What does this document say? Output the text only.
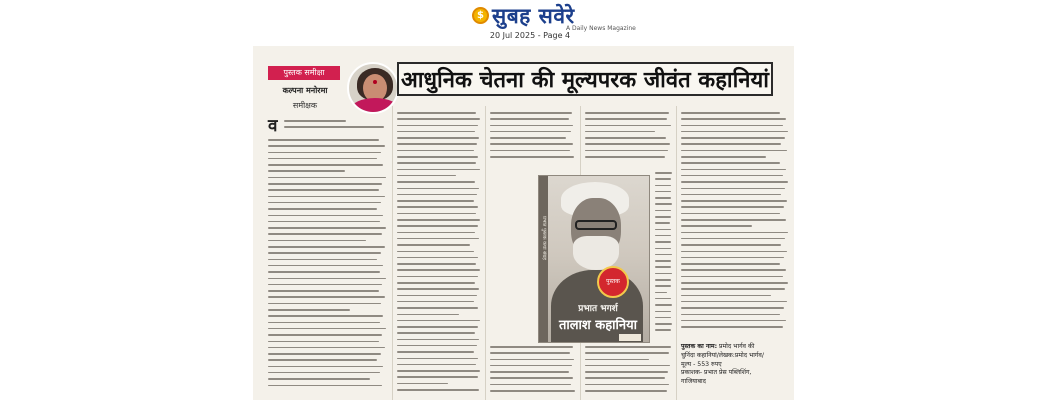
$ सुबह सवेरे
A Daily News Magazine
20 Jul 2025 - Page 4
पुस्तक समीक्षा
कल्पना मनोरमा
समीक्षक
व
आधुनिक चेतना की मूल्यपरक जीवंत कहानियां
प्रभात पुस्तक कथा संग्रह
पुस्तक
प्रभात भगर्श
तालाश कहानिया
पुस्तक का नाम: प्रमोद भार्गव की
चुनिंदा कहानियां/लेखक:प्रमोद भार्गव/
मूल्य - 553 रुपए
प्रकाशक- प्रभात प्रेस पब्लिशिंग,
गाजियाबाद
